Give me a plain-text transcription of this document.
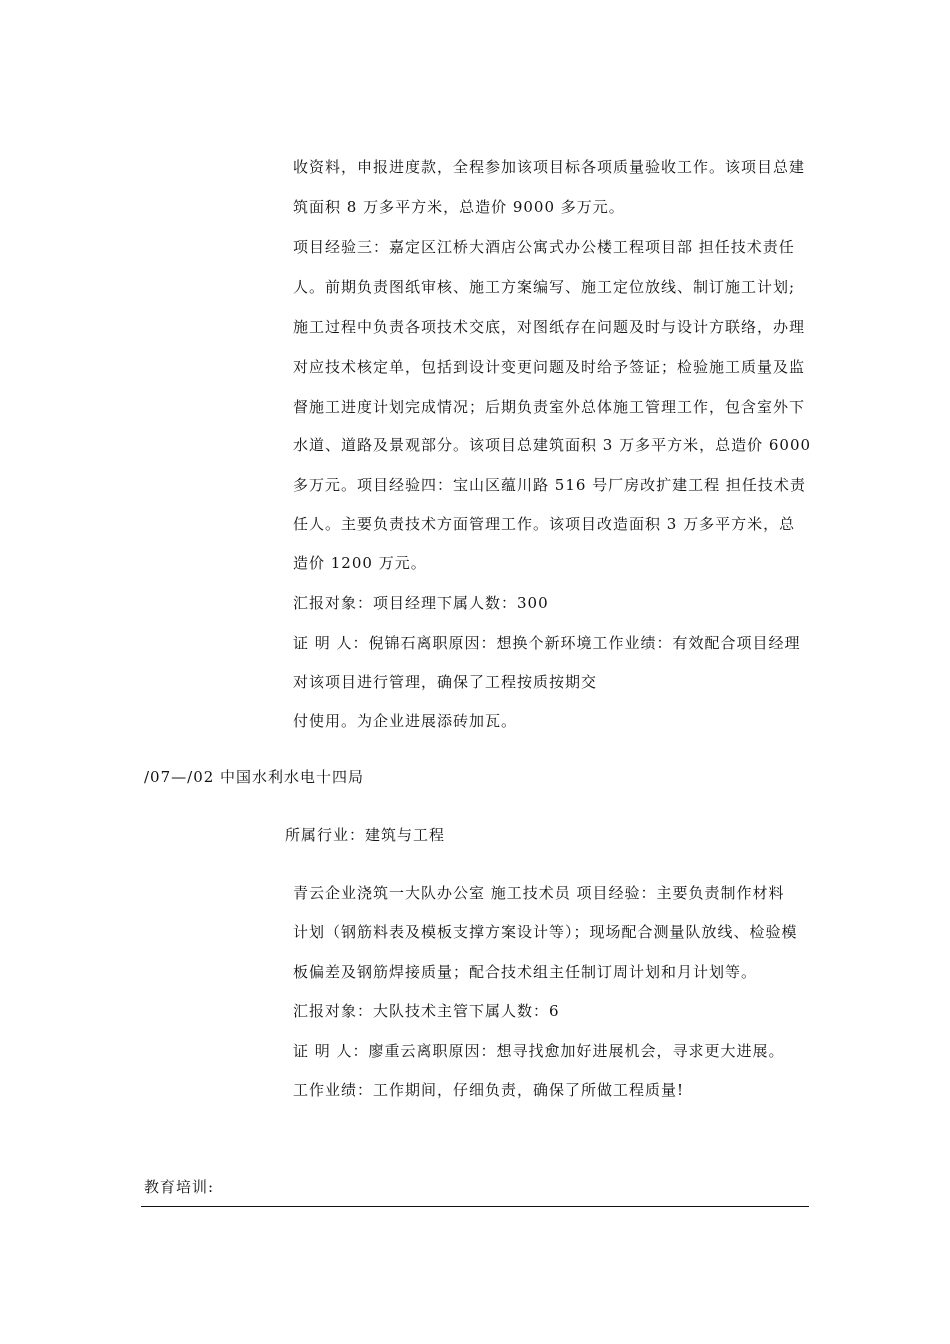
收资料，申报进度款，全程参加该项目标各项质量验收工作。该项目总建
筑面积 8 万多平方米，总造价 9000 多万元。
项目经验三：嘉定区江桥大酒店公寓式办公楼工程项目部 担任技术责任
人。前期负责图纸审核、施工方案编写、施工定位放线、制订施工计划;
施工过程中负责各项技术交底，对图纸存在问题及时与设计方联络，办理
对应技术核定单，包括到设计变更问题及时给予签证；检验施工质量及监
督施工进度计划完成情况；后期负责室外总体施工管理工作，包含室外下
水道、道路及景观部分。该项目总建筑面积 3 万多平方米，总造价 6000
多万元。项目经验四：宝山区蕴川路 516 号厂房改扩建工程 担任技术责
任人。主要负责技术方面管理工作。该项目改造面积 3 万多平方米，总
造价 1200 万元。
汇报对象：项目经理下属人数：300
证 明 人：倪锦石离职原因：想换个新环境工作业绩：有效配合项目经理
对该项目进行管理，确保了工程按质按期交
付使用。为企业进展添砖加瓦。
/07—/02 中国水利水电十四局
所属行业：建筑与工程
青云企业浇筑一大队办公室 施工技术员 项目经验：主要负责制作材料
计划（钢筋料表及模板支撑方案设计等）；现场配合测量队放线、检验模
板偏差及钢筋焊接质量；配合技术组主任制订周计划和月计划等。
汇报对象：大队技术主管下属人数：6
证 明 人：廖重云离职原因：想寻找愈加好进展机会，寻求更大进展。
工作业绩：工作期间，仔细负责，确保了所做工程质量!
教育培训:
